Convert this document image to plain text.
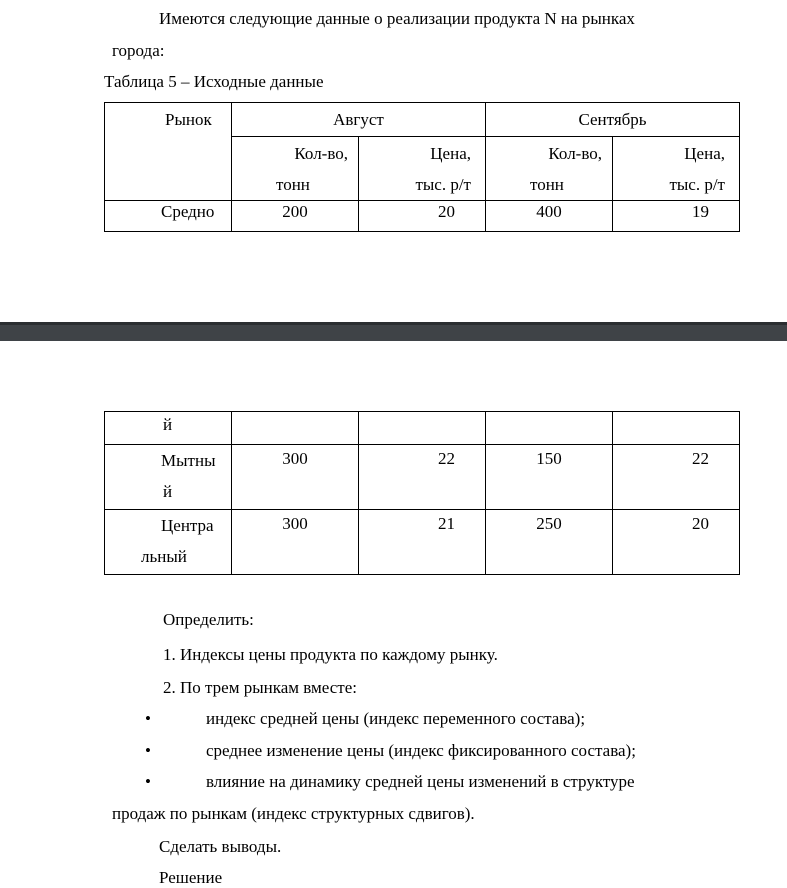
Имеются следующие данные о реализации продукта N на рынках
города:
Таблица 5 – Исходные данные
Рынок	Август		Сентябрь	

	Кол-во,
тонн	Цена,
тыс. р/т	Кол-во,
тонн	Цена,
тыс. р/т

Средно	200	20	400	19
й				

Мытны
й	300	22	150	22

Центра
льный	300	21	250	20
Определить:
1. Индексы цены продукта по каждому рынку.
2. По трем рынкам вместе:
•	индекс средней цены (индекс переменного состава);
•	среднее изменение цены (индекс фиксированного состава);
•	влияние на динамику средней цены изменений в структуре
продаж по рынкам (индекс структурных сдвигов).
Сделать выводы.
Решение
